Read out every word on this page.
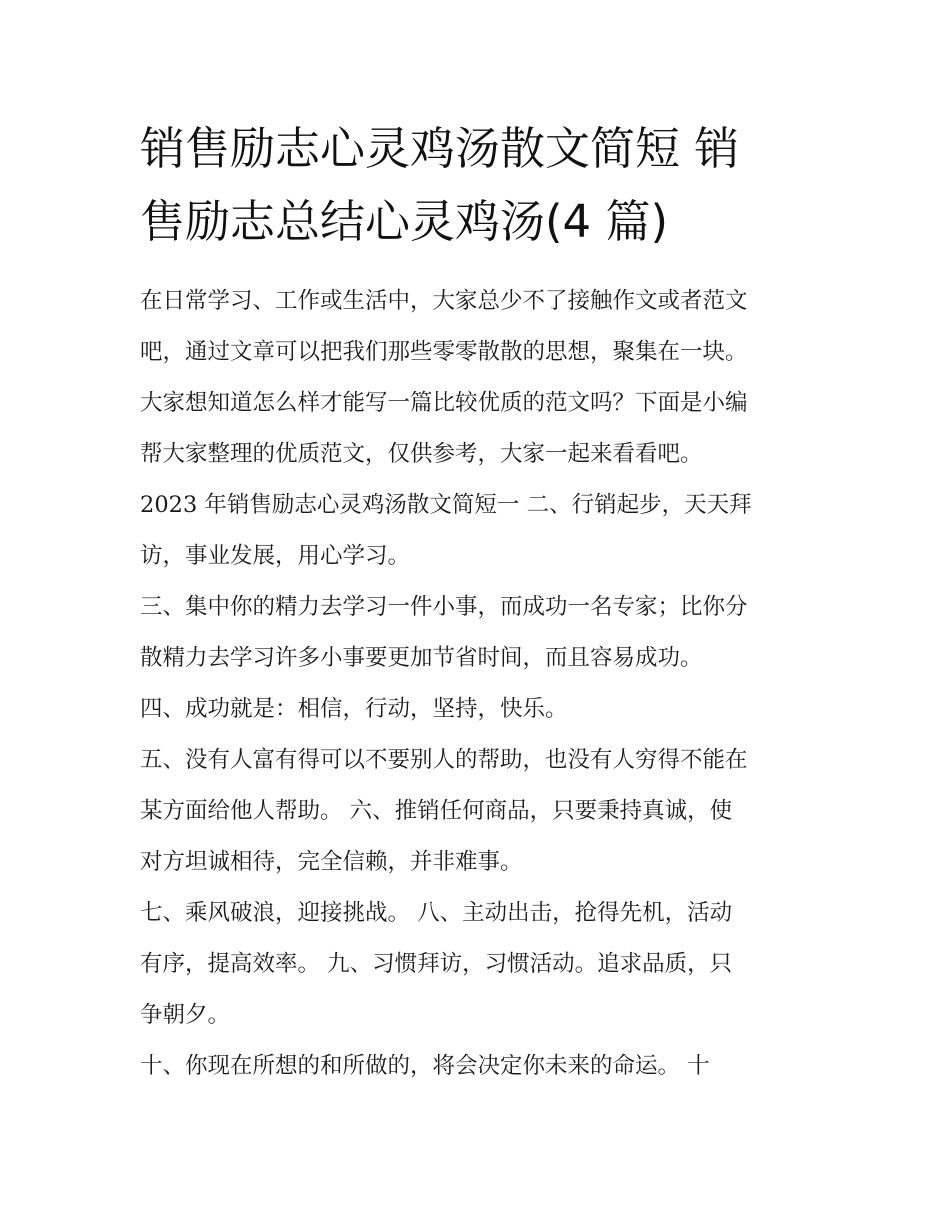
销售励志心灵鸡汤散文简短 销
售励志总结心灵鸡汤(4 篇)
在日常学习、工作或生活中，大家总少不了接触作文或者范文
吧，通过文章可以把我们那些零零散散的思想，聚集在一块。
大家想知道怎么样才能写一篇比较优质的范文吗？下面是小编
帮大家整理的优质范文，仅供参考，大家一起来看看吧。
2023 年销售励志心灵鸡汤散文简短一 二、行销起步，天天拜
访，事业发展，用心学习。
三、集中你的精力去学习一件小事，而成功一名专家；比你分
散精力去学习许多小事要更加节省时间，而且容易成功。
四、成功就是：相信，行动，坚持，快乐。
五、没有人富有得可以不要别人的帮助，也没有人穷得不能在
某方面给他人帮助。 六、推销任何商品，只要秉持真诚，使
对方坦诚相待，完全信赖，并非难事。
七、乘风破浪，迎接挑战。 八、主动出击，抢得先机，活动
有序，提高效率。 九、习惯拜访，习惯活动。追求品质，只
争朝夕。
十、你现在所想的和所做的，将会决定你未来的命运。 十
